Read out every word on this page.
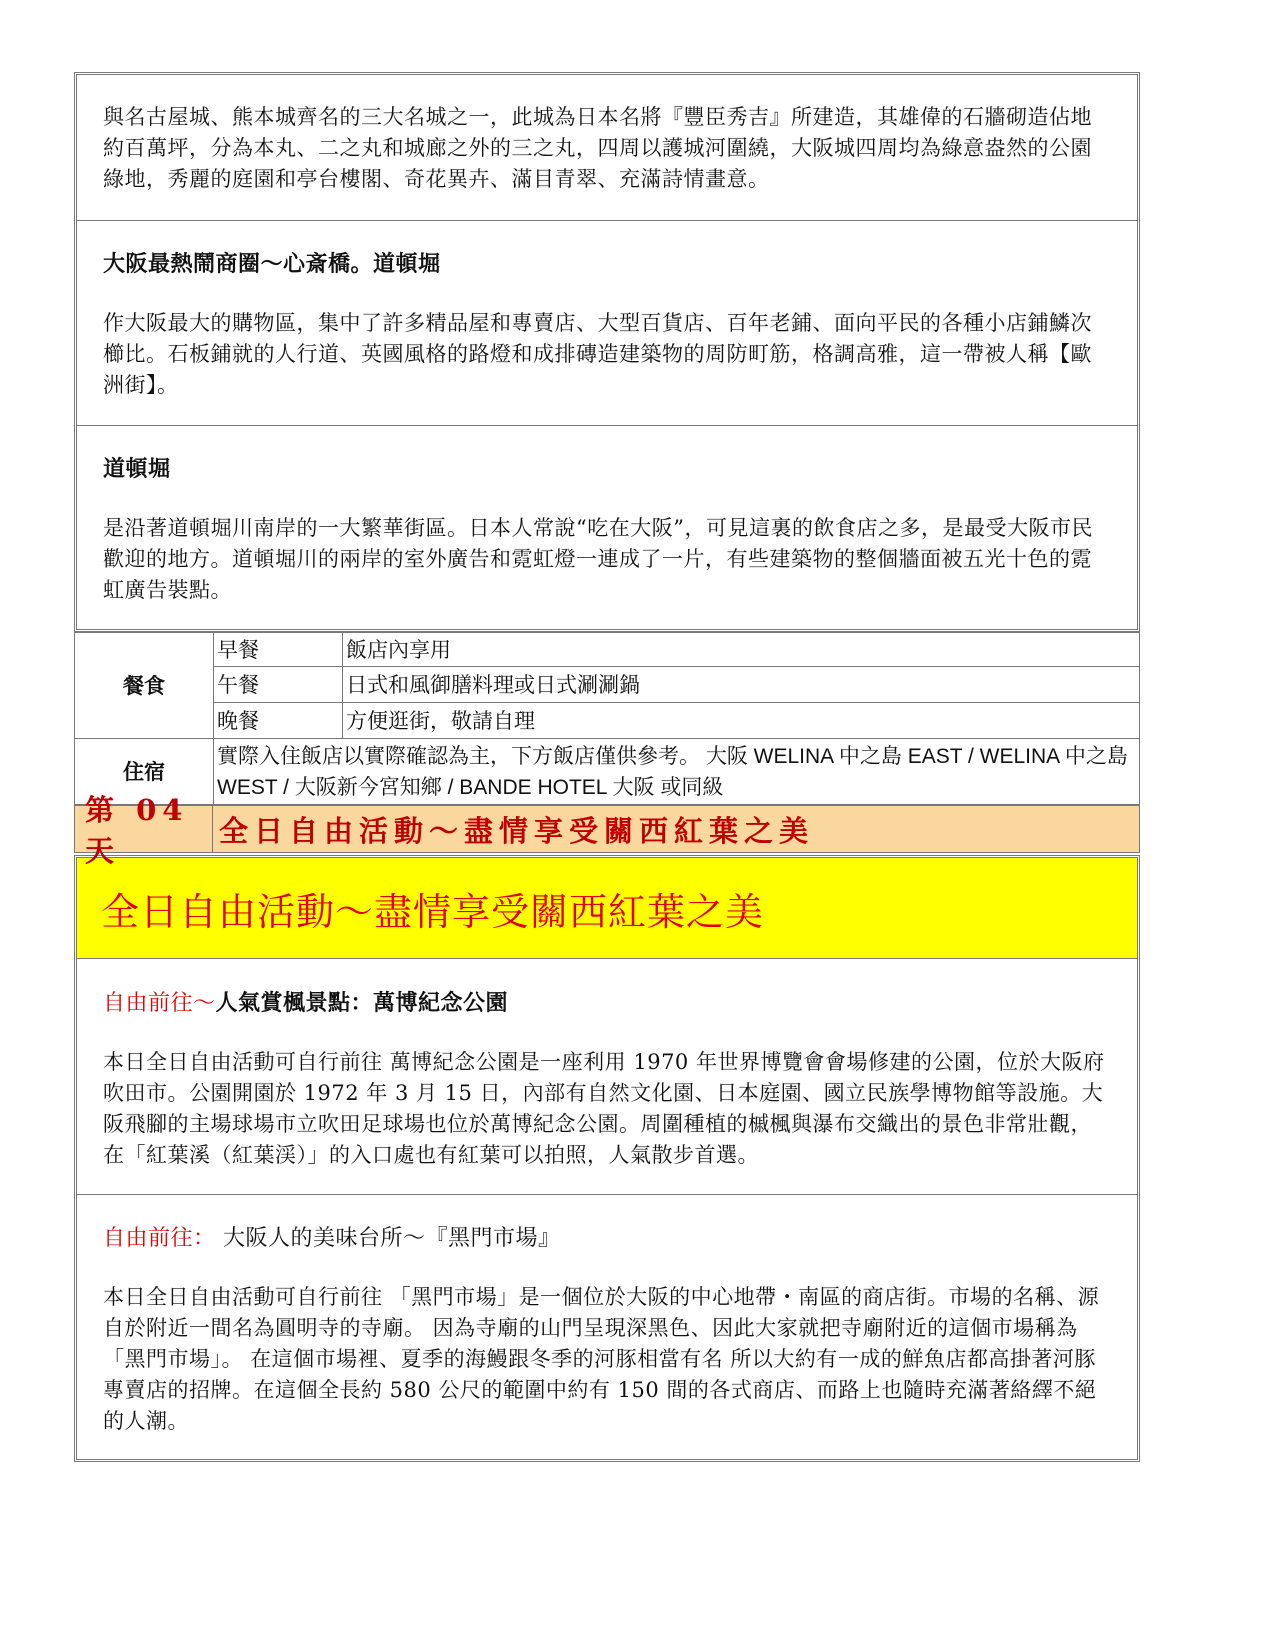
與名古屋城、熊本城齊名的三大名城之一，此城為日本名將『豐臣秀吉』所建造，其雄偉的石牆砌造佔地約百萬坪，分為本丸、二之丸和城廊之外的三之丸，四周以護城河圍繞，大阪城四周均為綠意盎然的公園綠地，秀麗的庭園和亭台樓閣、奇花異卉、滿目青翠、充滿詩情畫意。

大阪最熱鬧商圈～心斎橋。道頓堀

作大阪最大的購物區，集中了許多精品屋和專賣店、大型百貨店、百年老鋪、面向平民的各種小店鋪鱗次櫛比。石板鋪就的人行道、英國風格的路燈和成排磚造建築物的周防町筋，格調高雅，這一帶被人稱【歐洲街】。

道頓堀

是沿著道頓堀川南岸的一大繁華街區。日本人常說“吃在大阪”，可見這裏的飲食店之多，是最受大阪市民歡迎的地方。道頓堀川的兩岸的室外廣告和霓虹燈一連成了一片，有些建築物的整個牆面被五光十色的霓虹廣告裝點。

餐食	早餐	飯店內享用
	午餐	日式和風御膳料理或日式涮涮鍋
	晚餐	方便逛街，敬請自理
住宿	實際入住飯店以實際確認為主，下方飯店僅供參考。 大阪 WELINA 中之島 EAST / WELINA 中之島 WEST / 大阪新今宮知鄉 / BANDE HOTEL 大阪 或同級	
第 04 天
全日自由活動～盡情享受關西紅葉之美
全日自由活動～盡情享受關西紅葉之美

自由前往～人氣賞楓景點：萬博紀念公園

本日全日自由活動可自行前往 萬博紀念公園是一座利用 1970 年世界博覽會會場修建的公園，位於大阪府吹田市。公園開園於 1972 年 3 月 15 日，內部有自然文化園、日本庭園、國立民族學博物館等設施。大阪飛腳的主場球場市立吹田足球場也位於萬博紀念公園。周圍種植的槭楓與瀑布交織出的景色非常壯觀，在「紅葉溪（紅葉渓）」的入口處也有紅葉可以拍照，人氣散步首選。

自由前往： 大阪人的美味台所～『黑門市場』

本日全日自由活動可自行前往 「黑門市場」是一個位於大阪的中心地帶・南區的商店街。市場的名稱、源自於附近一間名為圓明寺的寺廟。 因為寺廟的山門呈現深黑色、因此大家就把寺廟附近的這個市場稱為「黑門市場」。 在這個市場裡、夏季的海鰻跟冬季的河豚相當有名 所以大約有一成的鮮魚店都高掛著河豚專賣店的招牌。在這個全長約 580 公尺的範圍中約有 150 間的各式商店、而路上也隨時充滿著絡繹不絕的人潮。
